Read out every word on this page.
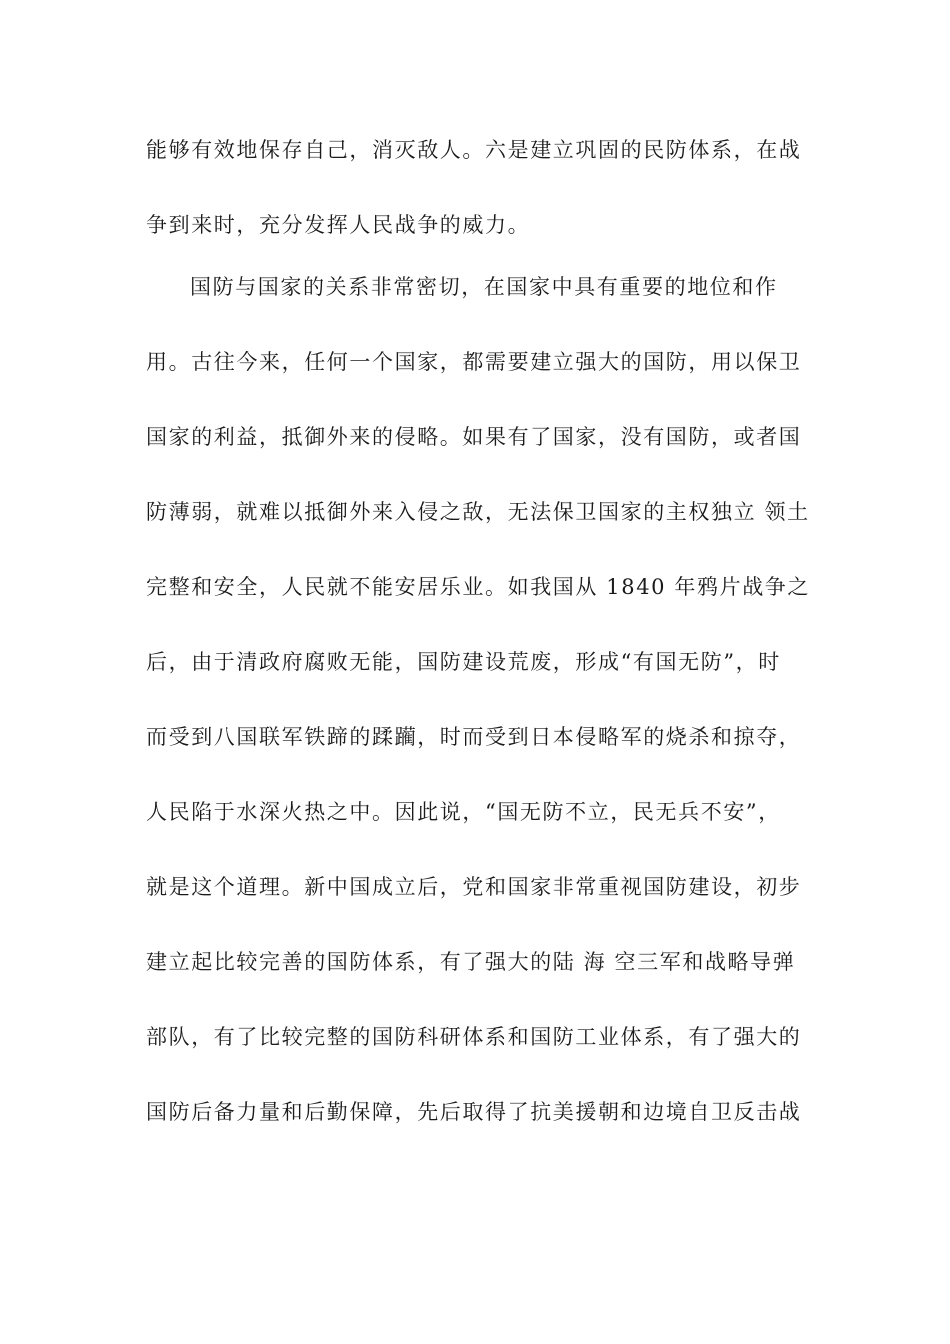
能够有效地保存自己，消灭敌人。六是建立巩固的民防体系，在战
争到来时，充分发挥人民战争的威力。
国防与国家的关系非常密切，在国家中具有重要的地位和作
用。古往今来，任何一个国家，都需要建立强大的国防，用以保卫
国家的利益，抵御外来的侵略。如果有了国家，没有国防，或者国
防薄弱，就难以抵御外来入侵之敌，无法保卫国家的主权独立 领土
完整和安全，人民就不能安居乐业。如我国从 1840 年鸦片战争之
后，由于清政府腐败无能，国防建设荒废，形成“有国无防”，时
而受到八国联军铁蹄的蹂躏，时而受到日本侵略军的烧杀和掠夺，
人民陷于水深火热之中。因此说，“国无防不立，民无兵不安”，
就是这个道理。新中国成立后，党和国家非常重视国防建设，初步
建立起比较完善的国防体系，有了强大的陆 海 空三军和战略导弹
部队，有了比较完整的国防科研体系和国防工业体系，有了强大的
国防后备力量和后勤保障，先后取得了抗美援朝和边境自卫反击战
